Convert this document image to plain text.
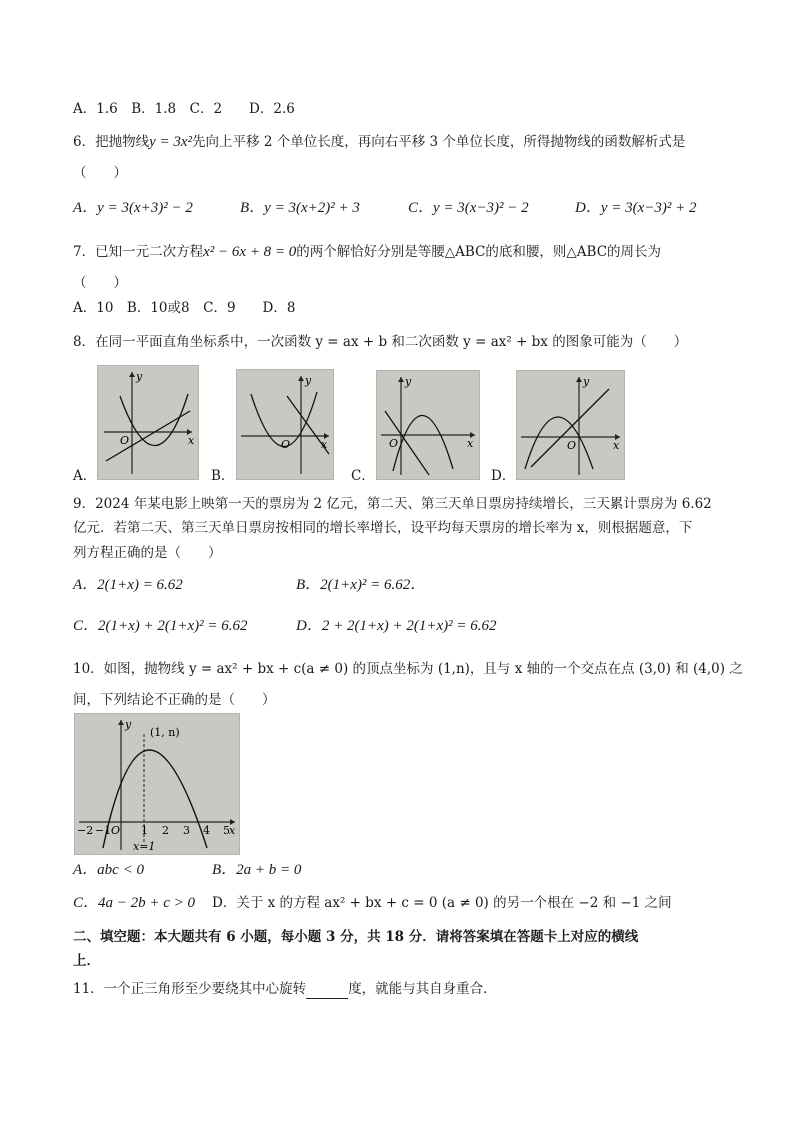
A．1.6　B．1.8　C．2　　D．2.6
6．把抛物线y = 3x²先向上平移 2 个单位长度，再向右平移 3 个单位长度，所得抛物线的函数解析式是
（　　）
A．y = 3(x+3)² − 2	B．y = 3(x+2)² + 3	C．y = 3(x−3)² − 2	D．y = 3(x−3)² + 2
7．已知一元二次方程x² − 6x + 8 = 0的两个解恰好分别是等腰△ABC的底和腰，则△ABC的周长为
（　　）
A．10　B．10或8　C．9　　D．8
8．在同一平面直角坐标系中，一次函数 y = ax + b 和二次函数 y = ax² + bx 的图象可能为（　　）
A．
y
x
O
B．
y
x
O
C．
y
x
O
D．
y
x
O
9．2024 年某电影上映第一天的票房为 2 亿元，第二天、第三天单日票房持续增长，三天累计票房为 6.62
亿元．若第二天、第三天单日票房按相同的增长率增长，设平均每天票房的增长率为 x，则根据题意，下
列方程正确的是（　　）
A．2(1+x) = 6.62	B．2(1+x)² = 6.62．
C．2(1+x) + 2(1+x)² = 6.62	D．2 + 2(1+x) + 2(1+x)² = 6.62
10．如图，抛物线 y = ax² + bx + c(a ≠ 0) 的顶点坐标为 (1,n)，且与 x 轴的一个交点在点 (3,0) 和 (4,0) 之
间，下列结论不正确的是（　　）
y
(1, n)
x
−2 −1 O 1 2 3 4 5
x=1
A．abc < 0	B．2a + b = 0
C．4a − 2b + c > 0 D．关于 x 的方程 ax² + bx + c = 0 (a ≠ 0) 的另一个根在 −2 和 −1 之间
二、填空题：本大题共有 6 小题，每小题 3 分，共 18 分．请将答案填在答题卡上对应的横线
上．
11．一个正三角形至少要绕其中心旋转	度，就能与其自身重合．
